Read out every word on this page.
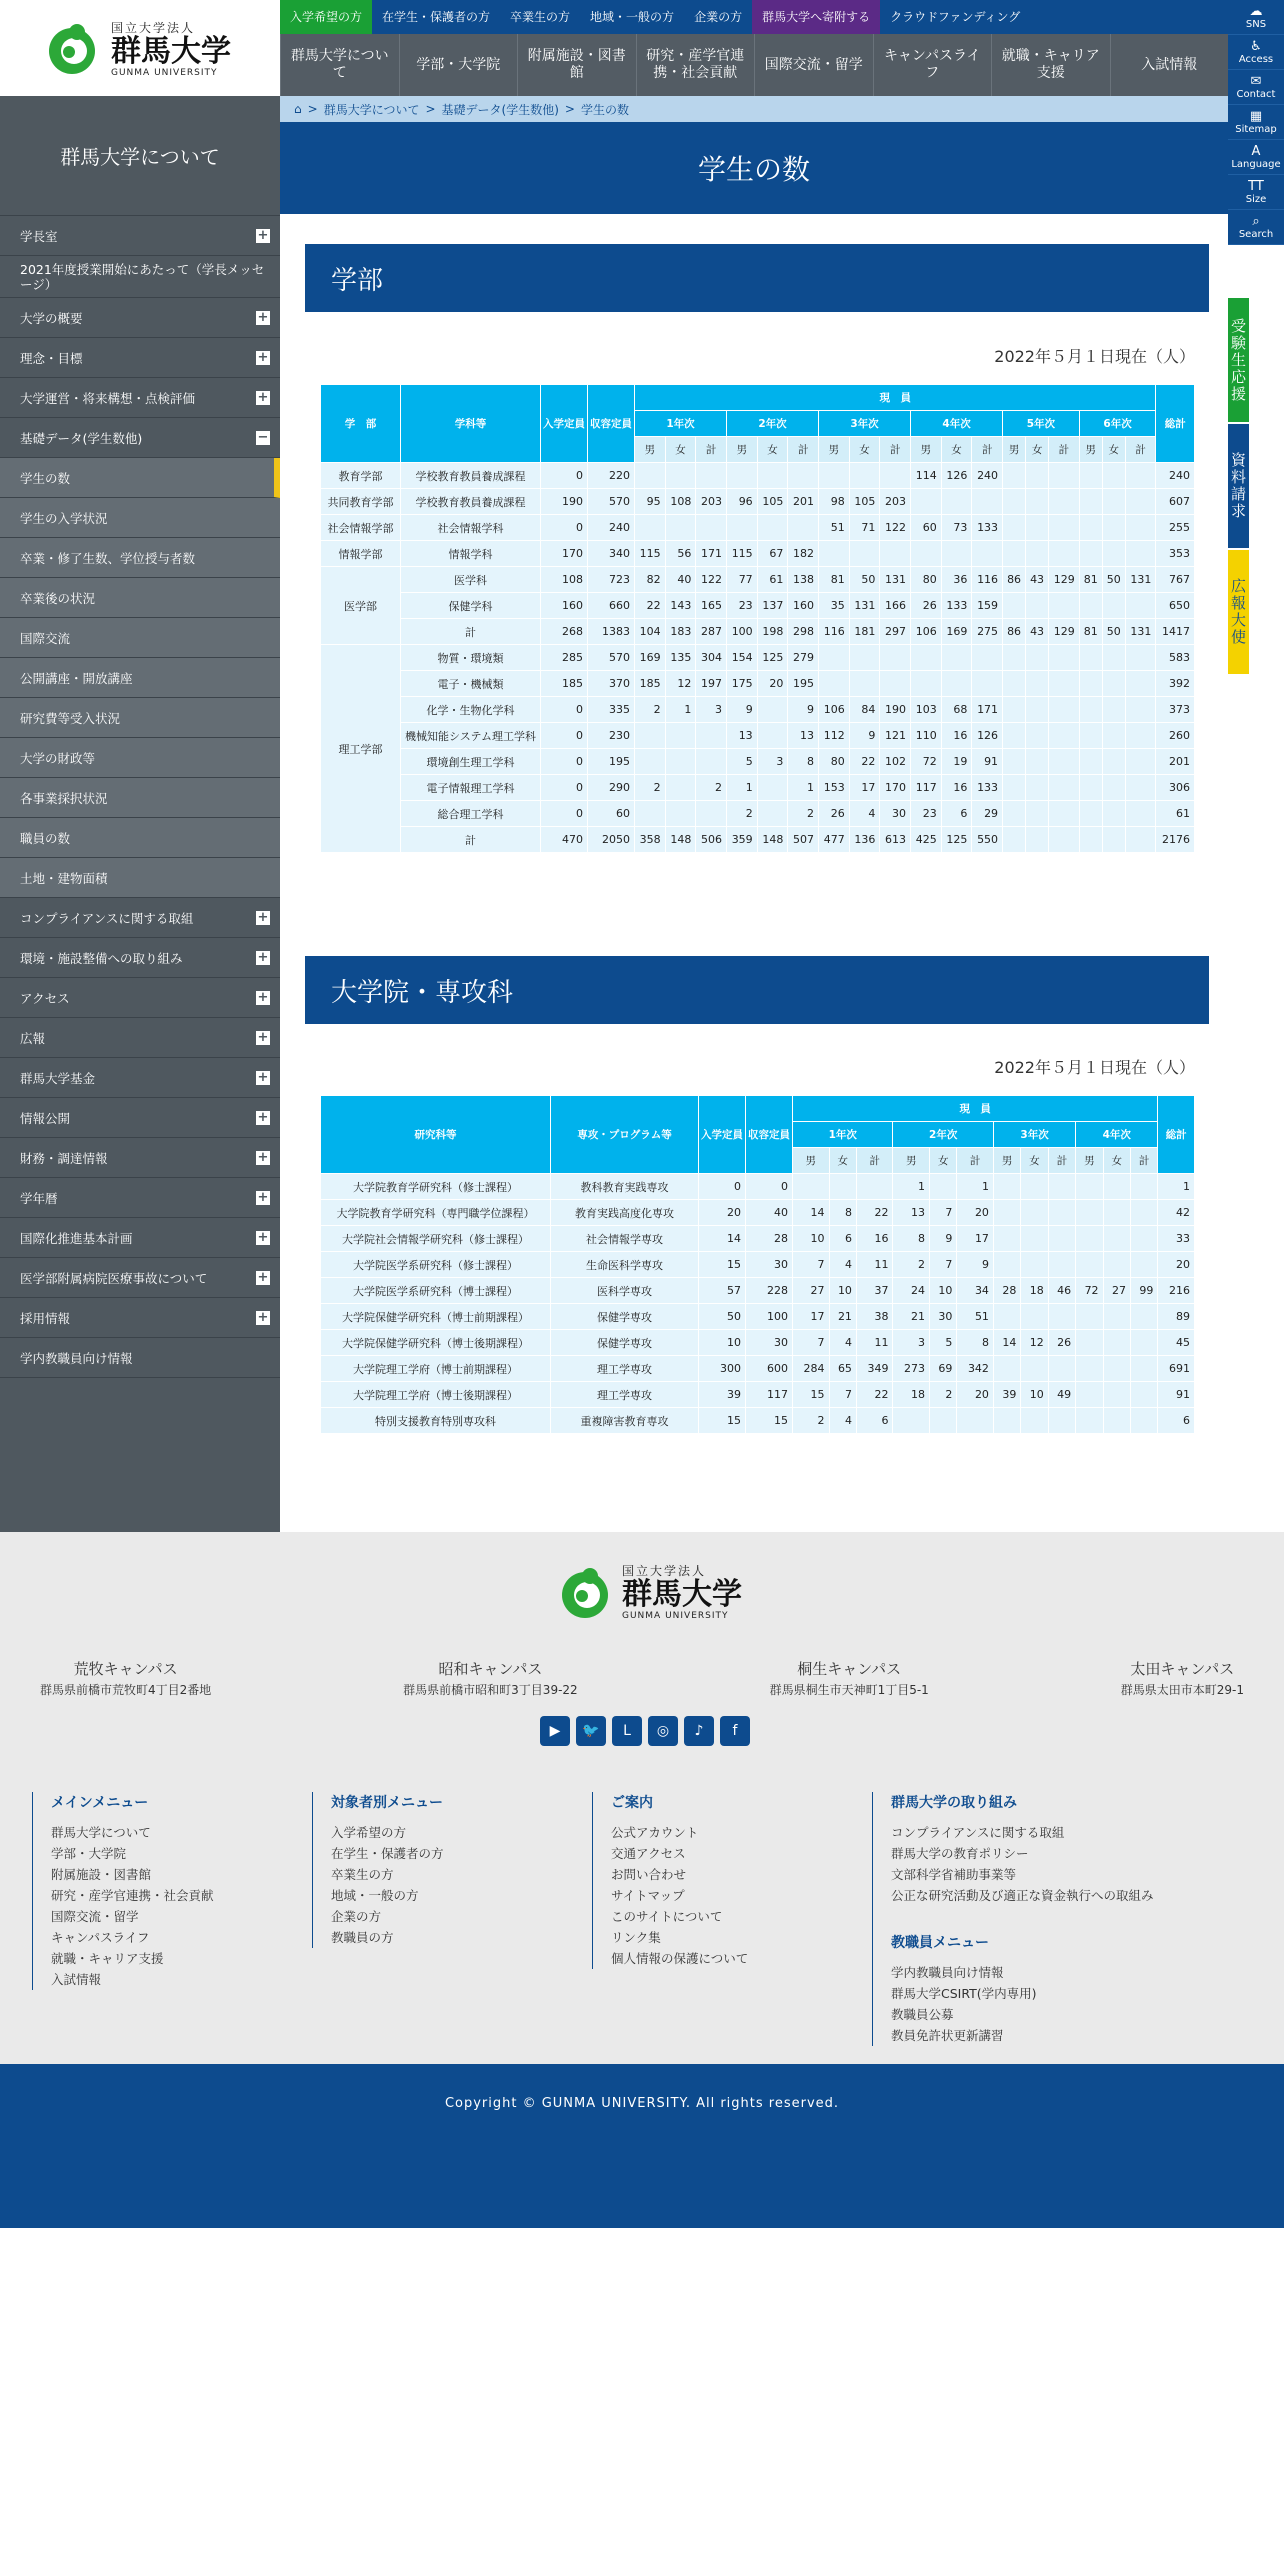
国立大学法人
群馬大学
GUNMA UNIVERSITY
入学希望の方	在学生・保護者の方	卒業生の方	地域・一般の方	企業の方	群馬大学へ寄附する	クラウドファンディング
群馬大学について
学部・大学院
附属施設・図書館
研究・産学官連携・社会貢献
国際交流・留学
キャンパスライフ
就職・キャリア支援
入試情報
☁
SNS
♿
Access
✉
Contact
▦
Sitemap
A
Language
TT
Size
⌕
Search
受験生応援
資料請求
広報大使
群馬大学について
学長室	+
2021年度授業開始にあたって（学長メッセージ）
大学の概要	+
理念・目標	+
大学運営・将来構想・点検評価	+
基礎データ(学生数他)	−
学生の数
学生の入学状況
卒業・修了生数、学位授与者数
卒業後の状況
国際交流
公開講座・開放講座
研究費等受入状況
大学の財政等
各事業採択状況
職員の数
土地・建物面積
コンプライアンスに関する取組	+
環境・施設整備への取り組み	+
アクセス	+
広報	+
群馬大学基金	+
情報公開	+
財務・調達情報	+
学年暦	+
国際化推進基本計画	+
医学部附属病院医療事故について	+
採用情報	+
学内教職員向け情報
⌂ > 群馬大学について > 基礎データ(学生数他) > 学生の数
学生の数
学部
2022年５月１日現在（人）
学　部	学科等	入学定員	収容定員	現　員																		総計
				1年次			2年次			3年次			4年次			5年次			6年次			
				男	女	計	男	女	計	男	女	計	男	女	計	男	女	計	男	女	計	
教育学部	学校教育教員養成課程	0	220										114	126	240							240
共同教育学部	学校教育教員養成課程	190	570	95	108	203	96	105	201	98	105	203										607
社会情報学部	社会情報学科	0	240							51	71	122	60	73	133							255
情報学部	情報学科	170	340	115	56	171	115	67	182													353
医学部	医学科	108	723	82	40	122	77	61	138	81	50	131	80	36	116	86	43	129	81	50	131	767
	保健学科	160	660	22	143	165	23	137	160	35	131	166	26	133	159							650
	計	268	1383	104	183	287	100	198	298	116	181	297	106	169	275	86	43	129	81	50	131	1417
理工学部	物質・環境類	285	570	169	135	304	154	125	279													583
	電子・機械類	185	370	185	12	197	175	20	195													392
	化学・生物化学科	0	335	2	1	3	9		9	106	84	190	103	68	171							373
	機械知能システム理工学科	0	230				13		13	112	9	121	110	16	126							260
	環境創生理工学科	0	195				5	3	8	80	22	102	72	19	91							201
	電子情報理工学科	0	290	2		2	1		1	153	17	170	117	16	133							306
	総合理工学科	0	60				2		2	26	4	30	23	6	29							61
	計	470	2050	358	148	506	359	148	507	477	136	613	425	125	550							2176
大学院・専攻科
2022年５月１日現在（人）
研究科等	専攻・プログラム等	入学定員	収容定員	現　員												総計
				1年次			2年次			3年次			4年次			
				男	女	計	男	女	計	男	女	計	男	女	計	
大学院教育学研究科（修士課程）	教科教育実践専攻	0	0				1		1							1
大学院教育学研究科（専門職学位課程）	教育実践高度化専攻	20	40	14	8	22	13	7	20							42
大学院社会情報学研究科（修士課程）	社会情報学専攻	14	28	10	6	16	8	9	17							33
大学院医学系研究科（修士課程）	生命医科学専攻	15	30	7	4	11	2	7	9							20
大学院医学系研究科（博士課程）	医科学専攻	57	228	27	10	37	24	10	34	28	18	46	72	27	99	216
大学院保健学研究科（博士前期課程）	保健学専攻	50	100	17	21	38	21	30	51							89
大学院保健学研究科（博士後期課程）	保健学専攻	10	30	7	4	11	3	5	8	14	12	26				45
大学院理工学府（博士前期課程）	理工学専攻	300	600	284	65	349	273	69	342							691
大学院理工学府（博士後期課程）	理工学専攻	39	117	15	7	22	18	2	20	39	10	49				91
特別支援教育特別専攻科	重複障害教育専攻	15	15	2	4	6										6
国立大学法人
群馬大学
GUNMA UNIVERSITY
荒牧キャンパス
群馬県前橋市荒牧町4丁目2番地
昭和キャンパス
群馬県前橋市昭和町3丁目39-22
桐生キャンパス
群馬県桐生市天神町1丁目5-1
太田キャンパス
群馬県太田市本町29-1
▶	🐦	L	◎	♪	f
メインメニュー
群馬大学について
学部・大学院
附属施設・図書館
研究・産学官連携・社会貢献
国際交流・留学
キャンパスライフ
就職・キャリア支援
入試情報

対象者別メニュー
入学希望の方
在学生・保護者の方
卒業生の方
地域・一般の方
企業の方
教職員の方

ご案内
公式アカウント
交通アクセス
お問い合わせ
サイトマップ
このサイトについて
リンク集
個人情報の保護について

群馬大学の取り組み
コンプライアンスに関する取組
群馬大学の教育ポリシー
文部科学省補助事業等
公正な研究活動及び適正な資金執行への取組み

教職員メニュー
学内教職員向け情報
群馬大学CSIRT(学内専用)
教職員公募
教員免許状更新講習

Copyright © GUNMA UNIVERSITY. All rights reserved.
